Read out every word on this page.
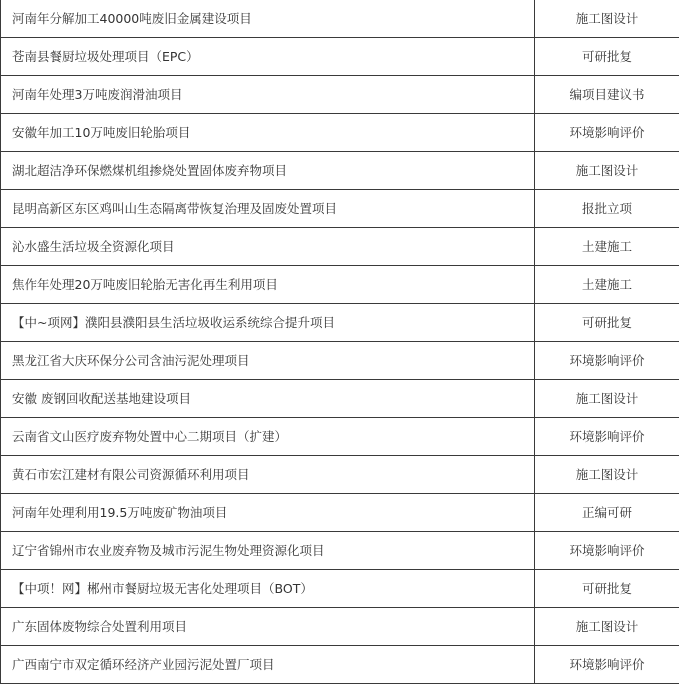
河南年分解加工40000吨废旧金属建设项目	施工图设计
苍南县餐厨垃圾处理项目（EPC）	可研批复
河南年处理3万吨废润滑油项目	编项目建议书
安徽年加工10万吨废旧轮胎项目	环境影响评价
湖北超洁净环保燃煤机组掺烧处置固体废弃物项目	施工图设计
昆明高新区东区鸡叫山生态隔离带恢复治理及固废处置项目	报批立项
沁水盛生活垃圾全资源化项目	土建施工
焦作年处理20万吨废旧轮胎无害化再生利用项目	土建施工
【中~项网】濮阳县濮阳县生活垃圾收运系统综合提升项目	可研批复
黑龙江省大庆环保分公司含油污泥处理项目	环境影响评价
安徽 废钢回收配送基地建设项目	施工图设计
云南省文山医疗废弃物处置中心二期项目（扩建）	环境影响评价
黄石市宏江建材有限公司资源循环利用项目	施工图设计
河南年处理利用19.5万吨废矿物油项目	正编可研
辽宁省锦州市农业废弃物及城市污泥生物处理资源化项目	环境影响评价
【中项！网】郴州市餐厨垃圾无害化处理项目（BOT）	可研批复
广东固体废物综合处置利用项目	施工图设计
广西南宁市双定循环经济产业园污泥处置厂项目	环境影响评价
